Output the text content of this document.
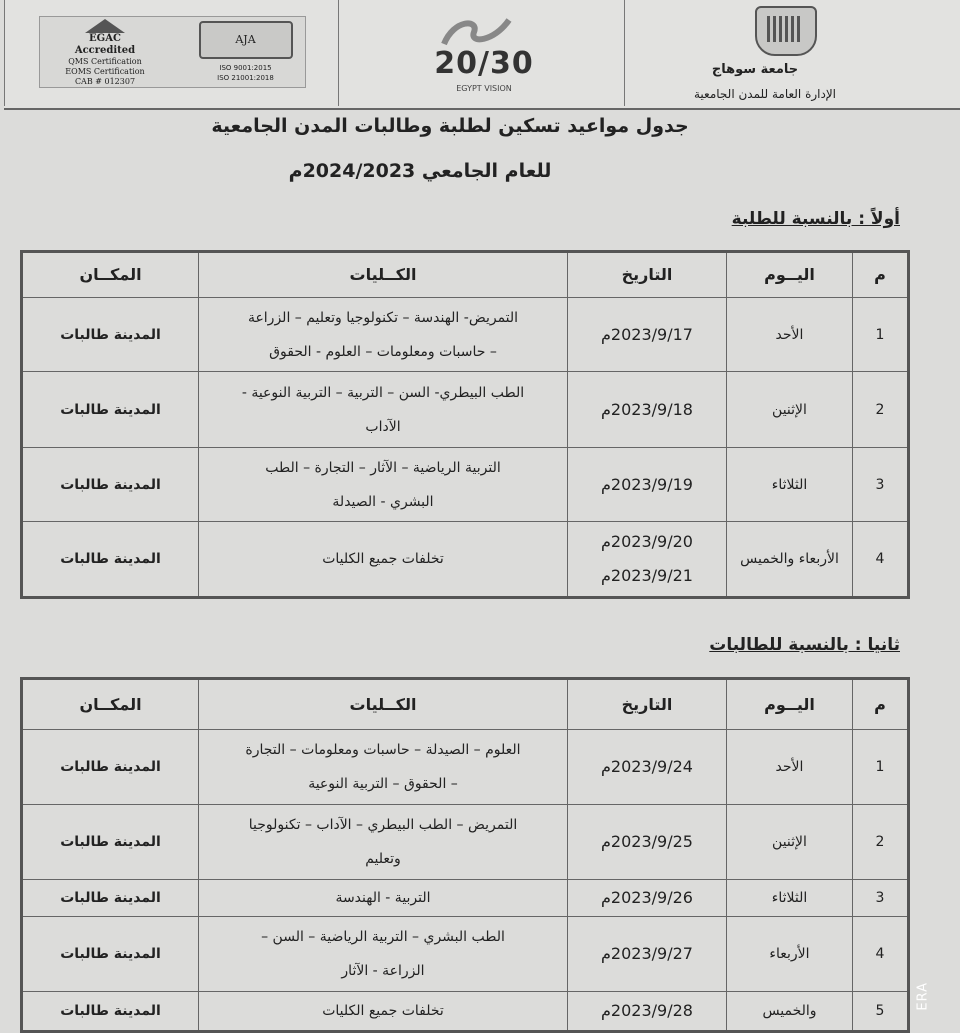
EGAC
Accredited
QMS Certification
EOMS Certification
CAB # 012307
AJA
ISO 9001:2015
ISO 21001:2018	20/30
EGYPT VISION
جامعة سوهاج
الإدارة العامة للمدن الجامعية
جدول مواعيد تسكين لطلبة وطالبات المدن الجامعية
للعام الجامعي 2024/2023م
أولاً : بالنسبة للطلبة
م	اليــوم	التاريخ	الكــليات	المكــان

1	الأحد	2023/9/17م	التمريض- الهندسة – تكنولوجيا وتعليم – الزراعة
– حاسبات ومعلومات – العلوم - الحقوق	المدينة طالبات

2	الإثنين	2023/9/18م	الطب البيطري- السن – التربية – التربية النوعية -
الآداب	المدينة طالبات

3	الثلاثاء	2023/9/19م	التربية الرياضية – الآثار – التجارة – الطب
البشري - الصيدلة	المدينة طالبات

4	الأربعاء والخميس	2023/9/20م
2023/9/21م	تخلفات جميع الكليات	المدينة طالبات
ثانيا : بالنسبة للطالبات
م	اليــوم	التاريخ	الكــليات	المكــان

1	الأحد	2023/9/24م	العلوم – الصيدلة – حاسبات ومعلومات – التجارة
– الحقوق – التربية النوعية	المدينة طالبات

2	الإثنين	2023/9/25م	التمريض – الطب البيطري – الآداب – تكنولوجيا
وتعليم	المدينة طالبات

3	الثلاثاء	2023/9/26م	التربية - الهندسة	المدينة طالبات

4	الأربعاء	2023/9/27م	الطب البشري – التربية الرياضية – السن –
الزراعة - الآثار	المدينة طالبات

5	والخميس	2023/9/28م	تخلفات جميع الكليات	المدينة طالبات
ERA
